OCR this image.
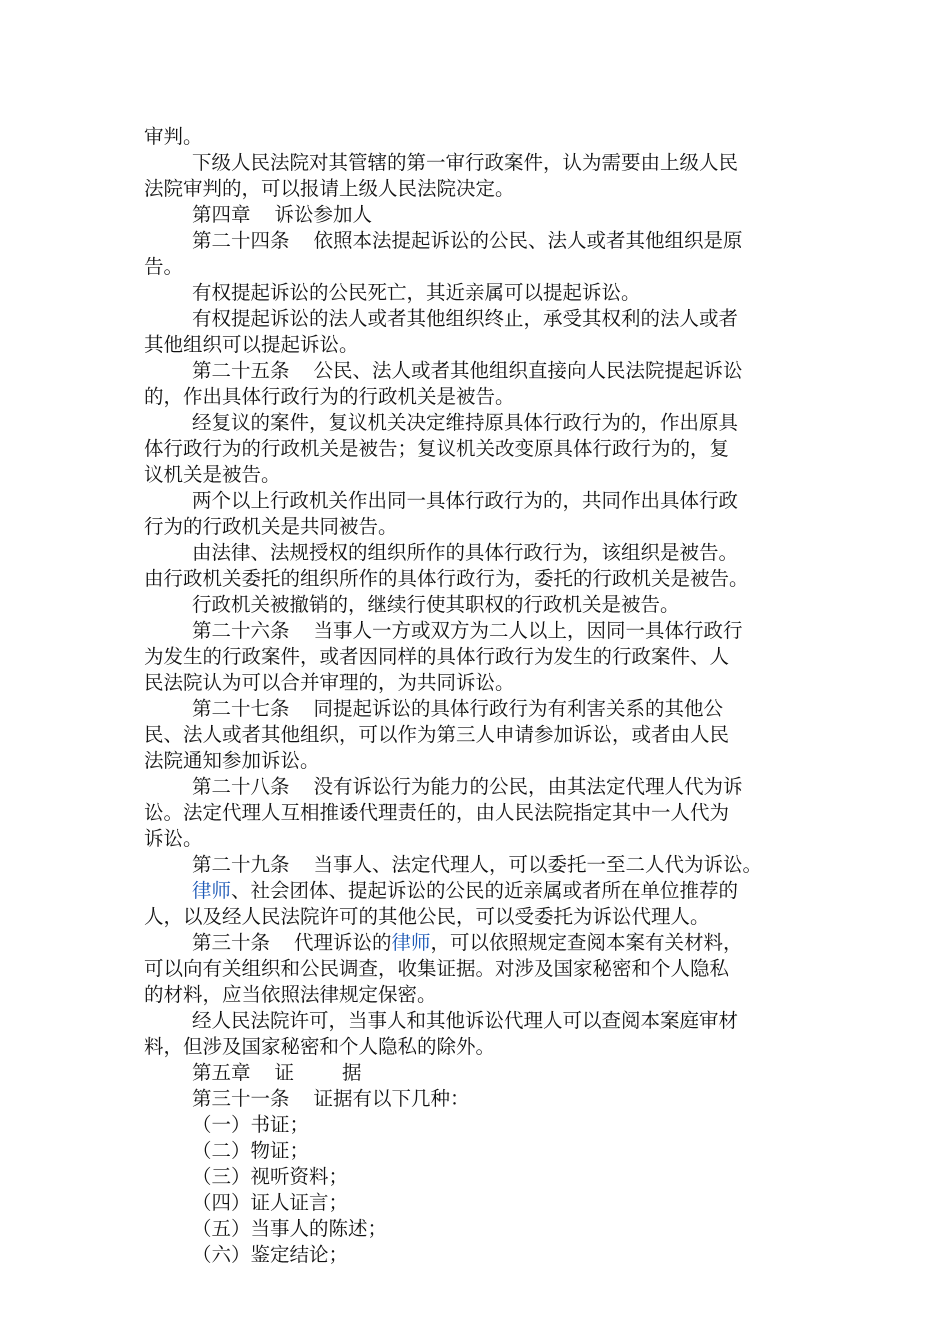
审判。
下级人民法院对其管辖的第一审行政案件，认为需要由上级人民
法院审判的，可以报请上级人民法院决定。
第四章 诉讼参加人
第二十四条 依照本法提起诉讼的公民、法人或者其他组织是原
告。
有权提起诉讼的公民死亡，其近亲属可以提起诉讼。
有权提起诉讼的法人或者其他组织终止，承受其权利的法人或者
其他组织可以提起诉讼。
第二十五条 公民、法人或者其他组织直接向人民法院提起诉讼
的，作出具体行政行为的行政机关是被告。
经复议的案件，复议机关决定维持原具体行政行为的，作出原具
体行政行为的行政机关是被告；复议机关改变原具体行政行为的，复
议机关是被告。
两个以上行政机关作出同一具体行政行为的，共同作出具体行政
行为的行政机关是共同被告。
由法律、法规授权的组织所作的具体行政行为，该组织是被告。
由行政机关委托的组织所作的具体行政行为，委托的行政机关是被告。
行政机关被撤销的，继续行使其职权的行政机关是被告。
第二十六条 当事人一方或双方为二人以上，因同一具体行政行
为发生的行政案件，或者因同样的具体行政行为发生的行政案件、人
民法院认为可以合并审理的，为共同诉讼。
第二十七条 同提起诉讼的具体行政行为有利害关系的其他公
民、法人或者其他组织，可以作为第三人申请参加诉讼，或者由人民
法院通知参加诉讼。
第二十八条 没有诉讼行为能力的公民，由其法定代理人代为诉
讼。法定代理人互相推诿代理责任的，由人民法院指定其中一人代为
诉讼。
第二十九条 当事人、法定代理人，可以委托一至二人代为诉讼。
律师、社会团体、提起诉讼的公民的近亲属或者所在单位推荐的
人，以及经人民法院许可的其他公民，可以受委托为诉讼代理人。
第三十条 代理诉讼的律师，可以依照规定查阅本案有关材料，
可以向有关组织和公民调查，收集证据。对涉及国家秘密和个人隐私
的材料，应当依照法律规定保密。
经人民法院许可，当事人和其他诉讼代理人可以查阅本案庭审材
料，但涉及国家秘密和个人隐私的除外。
第五章 证 据
第三十一条 证据有以下几种：
（一）书证；
（二）物证；
（三）视听资料；
（四）证人证言；
（五）当事人的陈述；
（六）鉴定结论；
